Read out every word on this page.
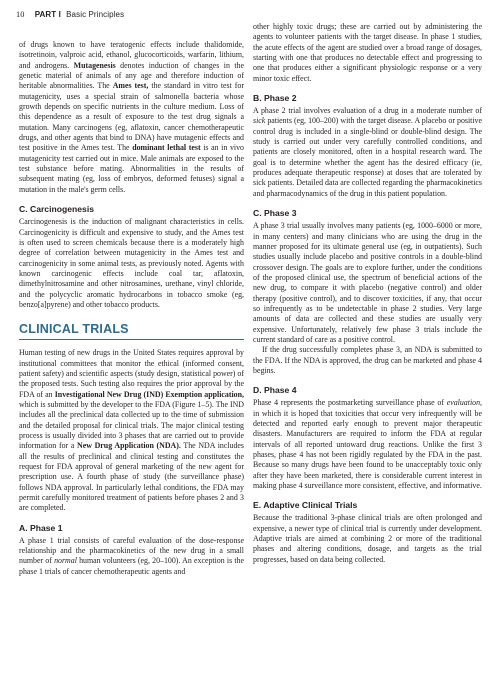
10 PART I Basic Principles

of drugs known to have teratogenic effects include thalidomide, isotretinoin, valproic acid, ethanol, glucocorticoids, warfarin, lithium, and androgens. Mutagenesis denotes induction of changes in the genetic material of animals of any age and therefore induction of heritable abnormalities. The Ames test, the standard in vitro test for mutagenicity, uses a special strain of salmonella bacteria whose growth depends on specific nutrients in the culture medium. Loss of this dependence as a result of exposure to the test drug signals a mutation. Many carcinogens (eg, aflatoxin, cancer chemotherapeutic drugs, and other agents that bind to DNA) have mutagenic effects and test positive in the Ames test. The dominant lethal test is an in vivo mutagenicity test carried out in mice. Male animals are exposed to the test substance before mating. Abnormalities in the results of subsequent mating (eg, loss of embryos, deformed fetuses) signal a mutation in the male's germ cells.

C. Carcinogenesis

Carcinogenesis is the induction of malignant characteristics in cells. Carcinogenicity is difficult and expensive to study, and the Ames test is often used to screen chemicals because there is a moderately high degree of correlation between mutagenicity in the Ames test and carcinogenicity in some animal tests, as previously noted. Agents with known carcinogenic effects include coal tar, aflatoxin, dimethylnitrosamine and other nitrosamines, urethane, vinyl chloride, and the polycyclic aromatic hydrocarbons in tobacco smoke (eg, benzo[a]pyrene) and other tobacco products.

CLINICAL TRIALS

Human testing of new drugs in the United States requires approval by institutional committees that monitor the ethical (informed consent, patient safety) and scientific aspects (study design, statistical power) of the proposed tests. Such testing also requires the prior approval by the FDA of an Investigational New Drug (IND) Exemption application, which is submitted by the developer to the FDA (Figure 1–5). The IND includes all the preclinical data collected up to the time of submission and the detailed proposal for clinical trials. The major clinical testing process is usually divided into 3 phases that are carried out to provide information for a New Drug Application (NDA). The NDA includes all the results of preclinical and clinical testing and constitutes the request for FDA approval of general marketing of the new agent for prescription use. A fourth phase of study (the surveillance phase) follows NDA approval. In particularly lethal conditions, the FDA may permit carefully monitored treatment of patients before phases 2 and 3 are completed.

A. Phase 1

A phase 1 trial consists of careful evaluation of the dose-response relationship and the pharmacokinetics of the new drug in a small number of normal human volunteers (eg, 20–100). An exception is the phase 1 trials of cancer chemotherapeutic agents and

other highly toxic drugs; these are carried out by administering the agents to volunteer patients with the target disease. In phase 1 studies, the acute effects of the agent are studied over a broad range of dosages, starting with one that produces no detectable effect and progressing to one that produces either a significant physiologic response or a very minor toxic effect.

B. Phase 2

A phase 2 trial involves evaluation of a drug in a moderate number of sick patients (eg, 100–200) with the target disease. A placebo or positive control drug is included in a single-blind or double-blind design. The study is carried out under very carefully controlled conditions, and patients are closely monitored, often in a hospital research ward. The goal is to determine whether the agent has the desired efficacy (ie, produces adequate therapeutic response) at doses that are tolerated by sick patients. Detailed data are collected regarding the pharmacokinetics and pharmacodynamics of the drug in this patient population.

C. Phase 3

A phase 3 trial usually involves many patients (eg, 1000–6000 or more, in many centers) and many clinicians who are using the drug in the manner proposed for its ultimate general use (eg, in outpatients). Such studies usually include placebo and positive controls in a double-blind crossover design. The goals are to explore further, under the conditions of the proposed clinical use, the spectrum of beneficial actions of the new drug, to compare it with placebo (negative control) and older therapy (positive control), and to discover toxicities, if any, that occur so infrequently as to be undetectable in phase 2 studies. Very large amounts of data are collected and these studies are usually very expensive. Unfortunately, relatively few phase 3 trials include the current standard of care as a positive control.

If the drug successfully completes phase 3, an NDA is submitted to the FDA. If the NDA is approved, the drug can be marketed and phase 4 begins.

D. Phase 4

Phase 4 represents the postmarketing surveillance phase of evaluation, in which it is hoped that toxicities that occur very infrequently will be detected and reported early enough to prevent major therapeutic disasters. Manufacturers are required to inform the FDA at regular intervals of all reported untoward drug reactions. Unlike the first 3 phases, phase 4 has not been rigidly regulated by the FDA in the past. Because so many drugs have been found to be unacceptably toxic only after they have been marketed, there is considerable current interest in making phase 4 surveillance more consistent, effective, and informative.

E. Adaptive Clinical Trials

Because the traditional 3-phase clinical trials are often prolonged and expensive, a newer type of clinical trial is currently under development. Adaptive trials are aimed at combining 2 or more of the traditional phases and altering conditions, dosage, and targets as the trial progresses, based on data being collected.
